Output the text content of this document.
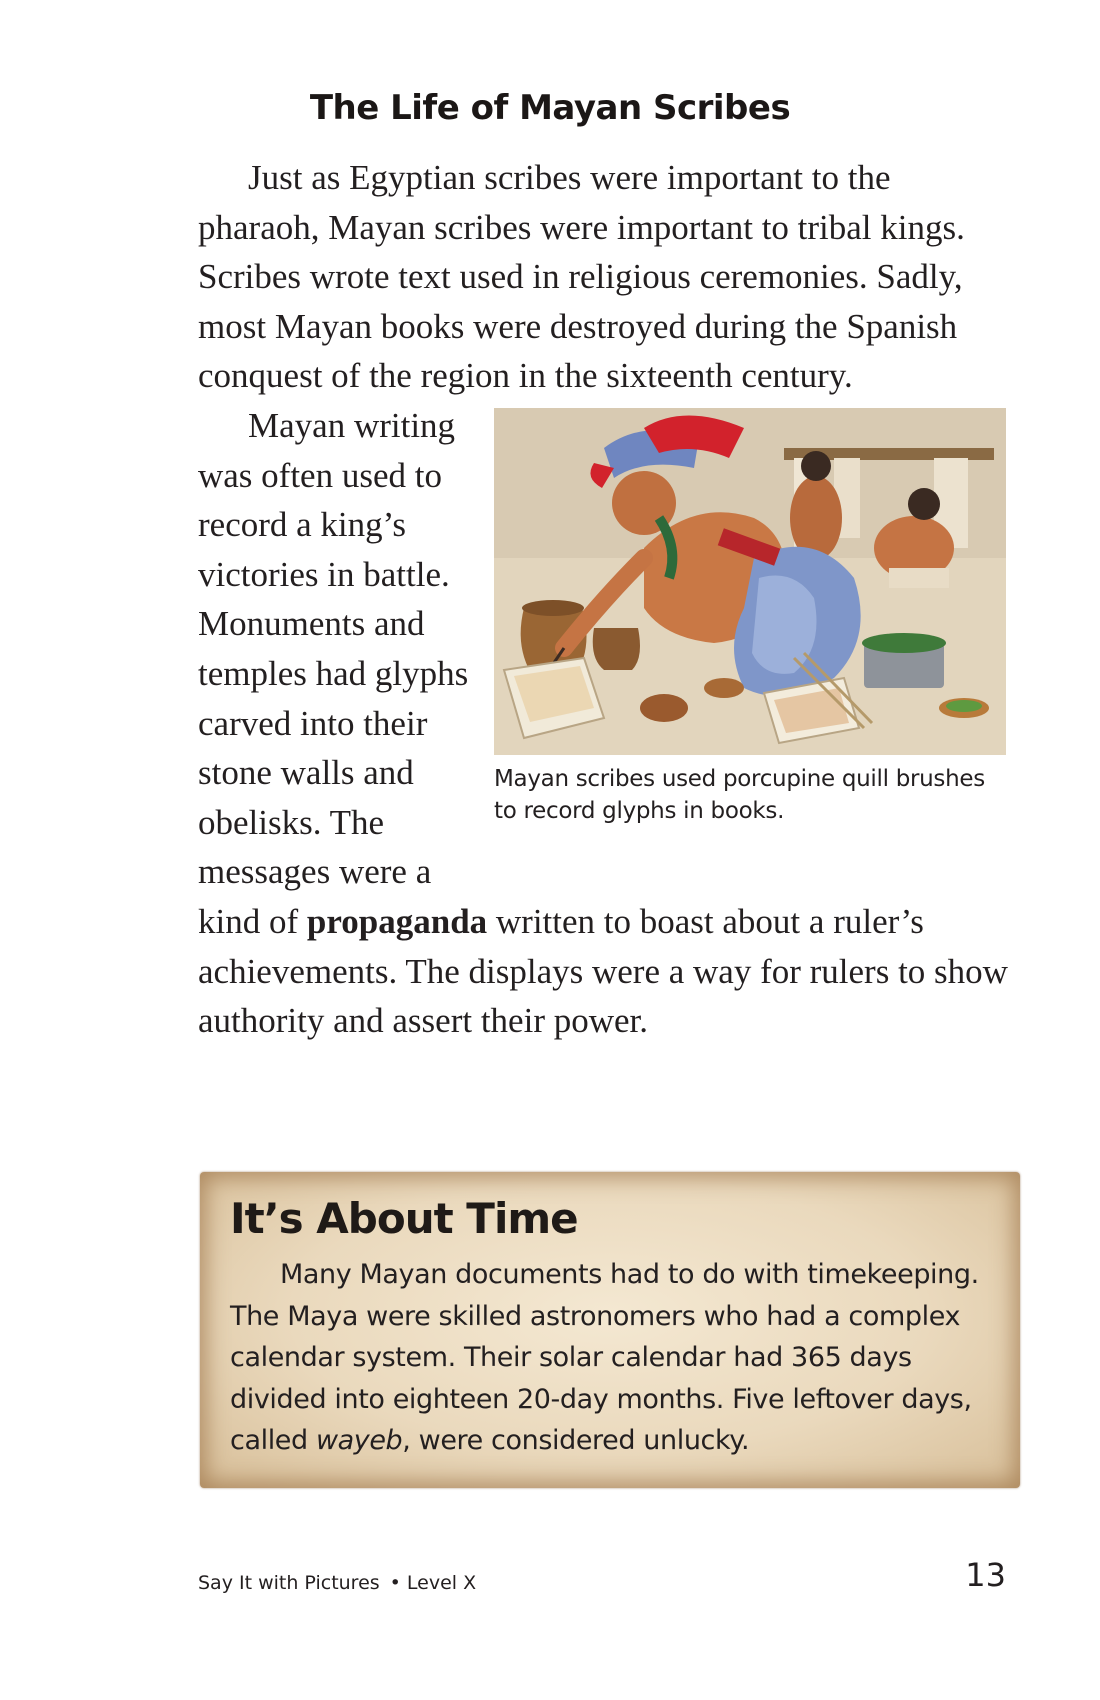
The Life of Mayan Scribes

Just as Egyptian scribes were important to the pharaoh, Mayan scribes were important to tribal kings. Scribes wrote text used in religious ceremonies. Sadly, most Mayan books were destroyed during the Spanish conquest of the region in the sixteenth century.

Mayan scribes used porcupine quill brushes to record glyphs in books.

Mayan writing was often used to record a king’s victories in battle. Monuments and temples had glyphs carved into their stone walls and obelisks. The messages were a kind of propaganda written to boast about a ruler’s achievements. The displays were a way for rulers to show authority and assert their power.

It’s About Time

Many Mayan documents had to do with timekeeping. The Maya were skilled astronomers who had a complex calendar system. Their solar calendar had 365 days divided into eighteen 20-day months. Five leftover days, called wayeb, were considered unlucky.

Say It with Pictures • Level X	13
